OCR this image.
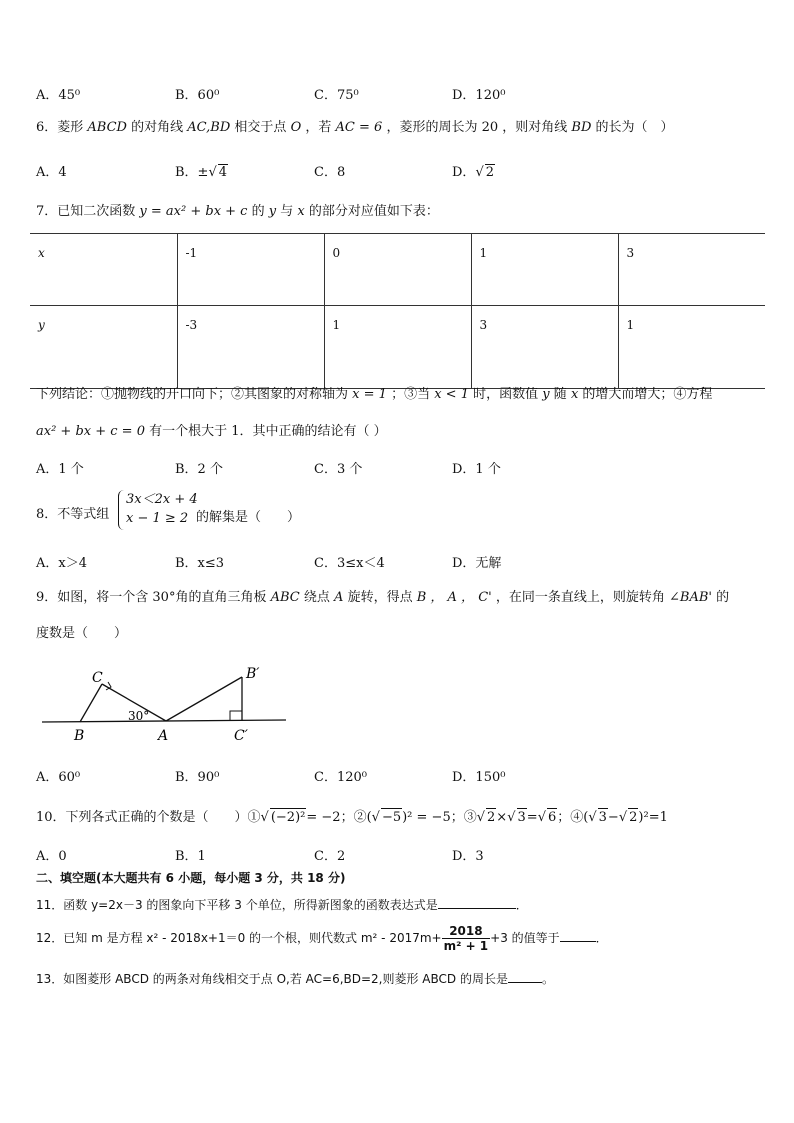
A．45⁰	B．60⁰	C．75⁰	D．120⁰
6．菱形 ABCD 的对角线 AC,BD 相交于点 O ，若 AC = 6 ，菱形的周长为 20 ，则对角线 BD 的长为（　）
A．4	B．±√ 4	C．8	D．√ 2
7．已知二次函数 y = ax² + bx + c 的 y 与 x 的部分对应值如下表：
x	-1	0	1	3
y	-3	1	3	1
下列结论：①抛物线的开口向下；②其图象的对称轴为 x = 1 ；③当 x < 1 时，函数值 y 随 x 的增大而增大；④方程
ax² + bx + c = 0 有一个根大于 1．其中正确的结论有（ ）
A．1 个	B．2 个	C．3 个	D．1 个
8．不等式组
3x＜2x + 4
x − 1 ≥ 2 的解集是（　　）
A．x＞4	B．x≤3	C．3≤x＜4	D．无解
9．如图，将一个含 30°角的直角三角板 ABC 绕点 A 旋转，得点 B ， A ， C' ，在同一条直线上，则旋转角 ∠BAB' 的
度数是（　　）
C
B	A
B′
C′
30°
A．60⁰	B．90⁰	C．120⁰	D．150⁰
10．下列各式正确的个数是（　　）①√ (−2)²= −2；②(√ −5)² = −5；③√ 2×√ 3=√ 6；④(√ 3−√ 2)²=1
A．0	B．1	C．2	D．3
二、填空题(本大题共有 6 小题，每小题 3 分，共 18 分)
11．函数 y=2x－3 的图象向下平移 3 个单位，所得新图象的函数表达式是	．
12．已知 m 是方程 x² - 2018x+1＝0 的一个根，则代数式 $m^2 - 2017m+ \frac{2018}{\text{m² + 1}} +3$ 的值等于	．
13．如图菱形 ABCD 的两条对角线相交于点 O,若 AC=6,BD=2,则菱形 ABCD 的周长是	。
